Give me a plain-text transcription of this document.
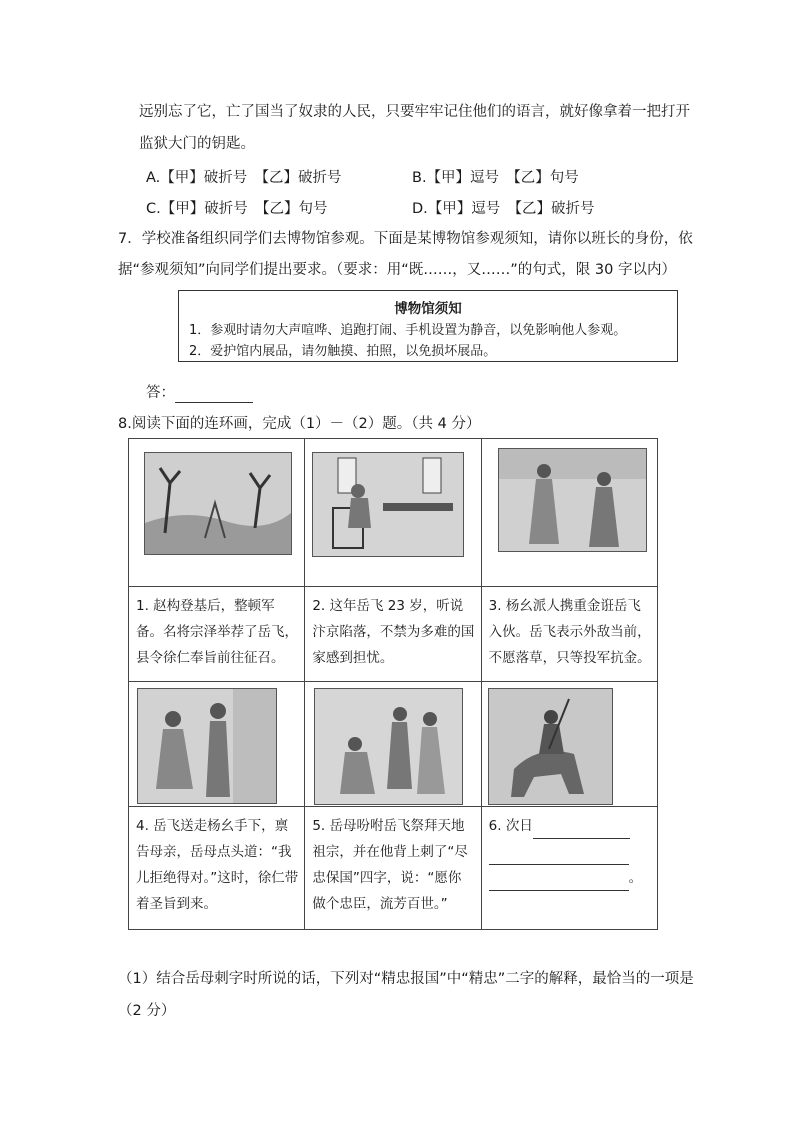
远别忘了它，亡了国当了奴隶的人民，只要牢牢记住他们的语言，就好像拿着一把打开
监狱大门的钥匙。
A.【甲】破折号　【乙】破折号	B.【甲】逗号　【乙】句号
C.【甲】破折号　【乙】句号	D.【甲】逗号　【乙】破折号
7．学校准备组织同学们去博物馆参观。下面是某博物馆参观须知，请你以班长的身份，依
据“参观须知”向同学们提出要求。（要求：用“既……，又……”的句式，限 30 字以内）
博物馆须知
1．参观时请勿大声喧哗、追跑打闹、手机设置为静音，以免影响他人参观。
2．爱护馆内展品，请勿触摸、拍照，以免损坏展品。
答：
8.阅读下面的连环画，完成（1）－（2）题。（共 4 分）

1. 赵构登基后，整顿军备。名将宗泽举荐了岳飞，县令徐仁奉旨前往征召。	2. 这年岳飞 23 岁，听说汴京陷落，不禁为多难的国家感到担忧。	3. 杨幺派人携重金诳岳飞入伙。岳飞表示外敌当前，不愿落草，只等投军抗金。

4. 岳飞送走杨幺手下，禀告母亲，岳母点头道：“我儿拒绝得对。”这时，徐仁带着圣旨到来。	5. 岳母吩咐岳飞祭拜天地祖宗，并在他背上刺了“尽忠保国”四字，说：“愿你做个忠臣，流芳百世。”	6. 次日

。
（1）结合岳母刺字时所说的话，下列对“精忠报国”中“精忠”二字的解释，最恰当的一项是
（2 分）
